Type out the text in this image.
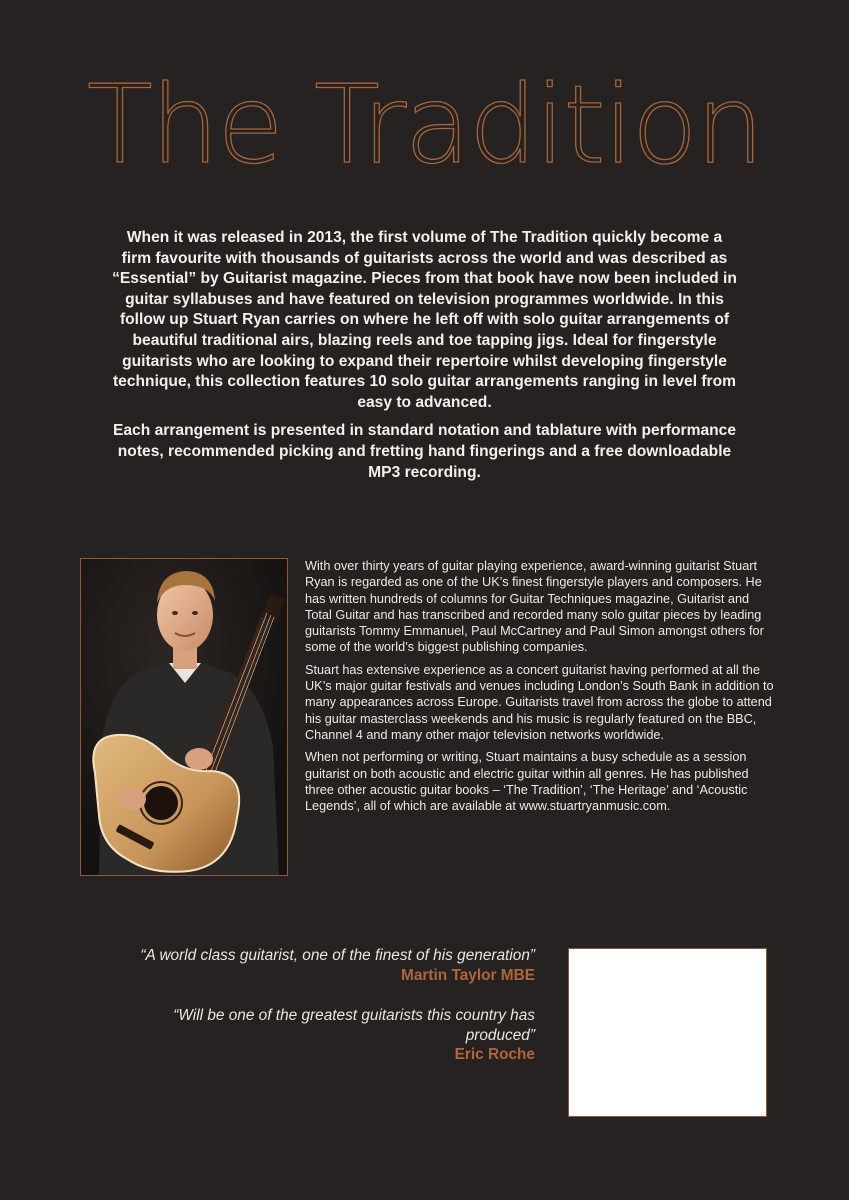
The Tradition

When it was released in 2013, the first volume of The Tradition quickly become a firm favourite with thousands of guitarists across the world and was described as “Essential” by Guitarist magazine. Pieces from that book have now been included in guitar syllabuses and have featured on television programmes worldwide. In this follow up Stuart Ryan carries on where he left off with solo guitar arrangements of beautiful traditional airs, blazing reels and toe tapping jigs. Ideal for fingerstyle guitarists who are looking to expand their repertoire whilst developing fingerstyle technique, this collection features 10 solo guitar arrangements ranging in level from easy to advanced.

Each arrangement is presented in standard notation and tablature with performance notes, recommended picking and fretting hand fingerings and a free downloadable MP3 recording.

With over thirty years of guitar playing experience, award-winning guitarist Stuart Ryan is regarded as one of the UK’s finest fingerstyle players and composers. He has written hundreds of columns for Guitar Techniques magazine, Guitarist and Total Guitar and has transcribed and recorded many solo guitar pieces by leading guitarists Tommy Emmanuel, Paul McCartney and Paul Simon amongst others for some of the world’s biggest publishing companies.

Stuart has extensive experience as a concert guitarist having performed at all the UK’s major guitar festivals and venues including London’s South Bank in addition to many appearances across Europe. Guitarists travel from across the globe to attend his guitar masterclass weekends and his music is regularly featured on the BBC, Channel 4 and many other major television networks worldwide.

When not performing or writing, Stuart maintains a busy schedule as a session guitarist on both acoustic and electric guitar within all genres. He has published three other acoustic guitar books – ‘The Tradition’, ‘The Heritage’ and ‘Acoustic Legends’, all of which are available at www.stuartryanmusic.com.

“A world class guitarist, one of the finest of his generation”
Martin Taylor MBE
“Will be one of the greatest guitarists this country has produced”
Eric Roche
